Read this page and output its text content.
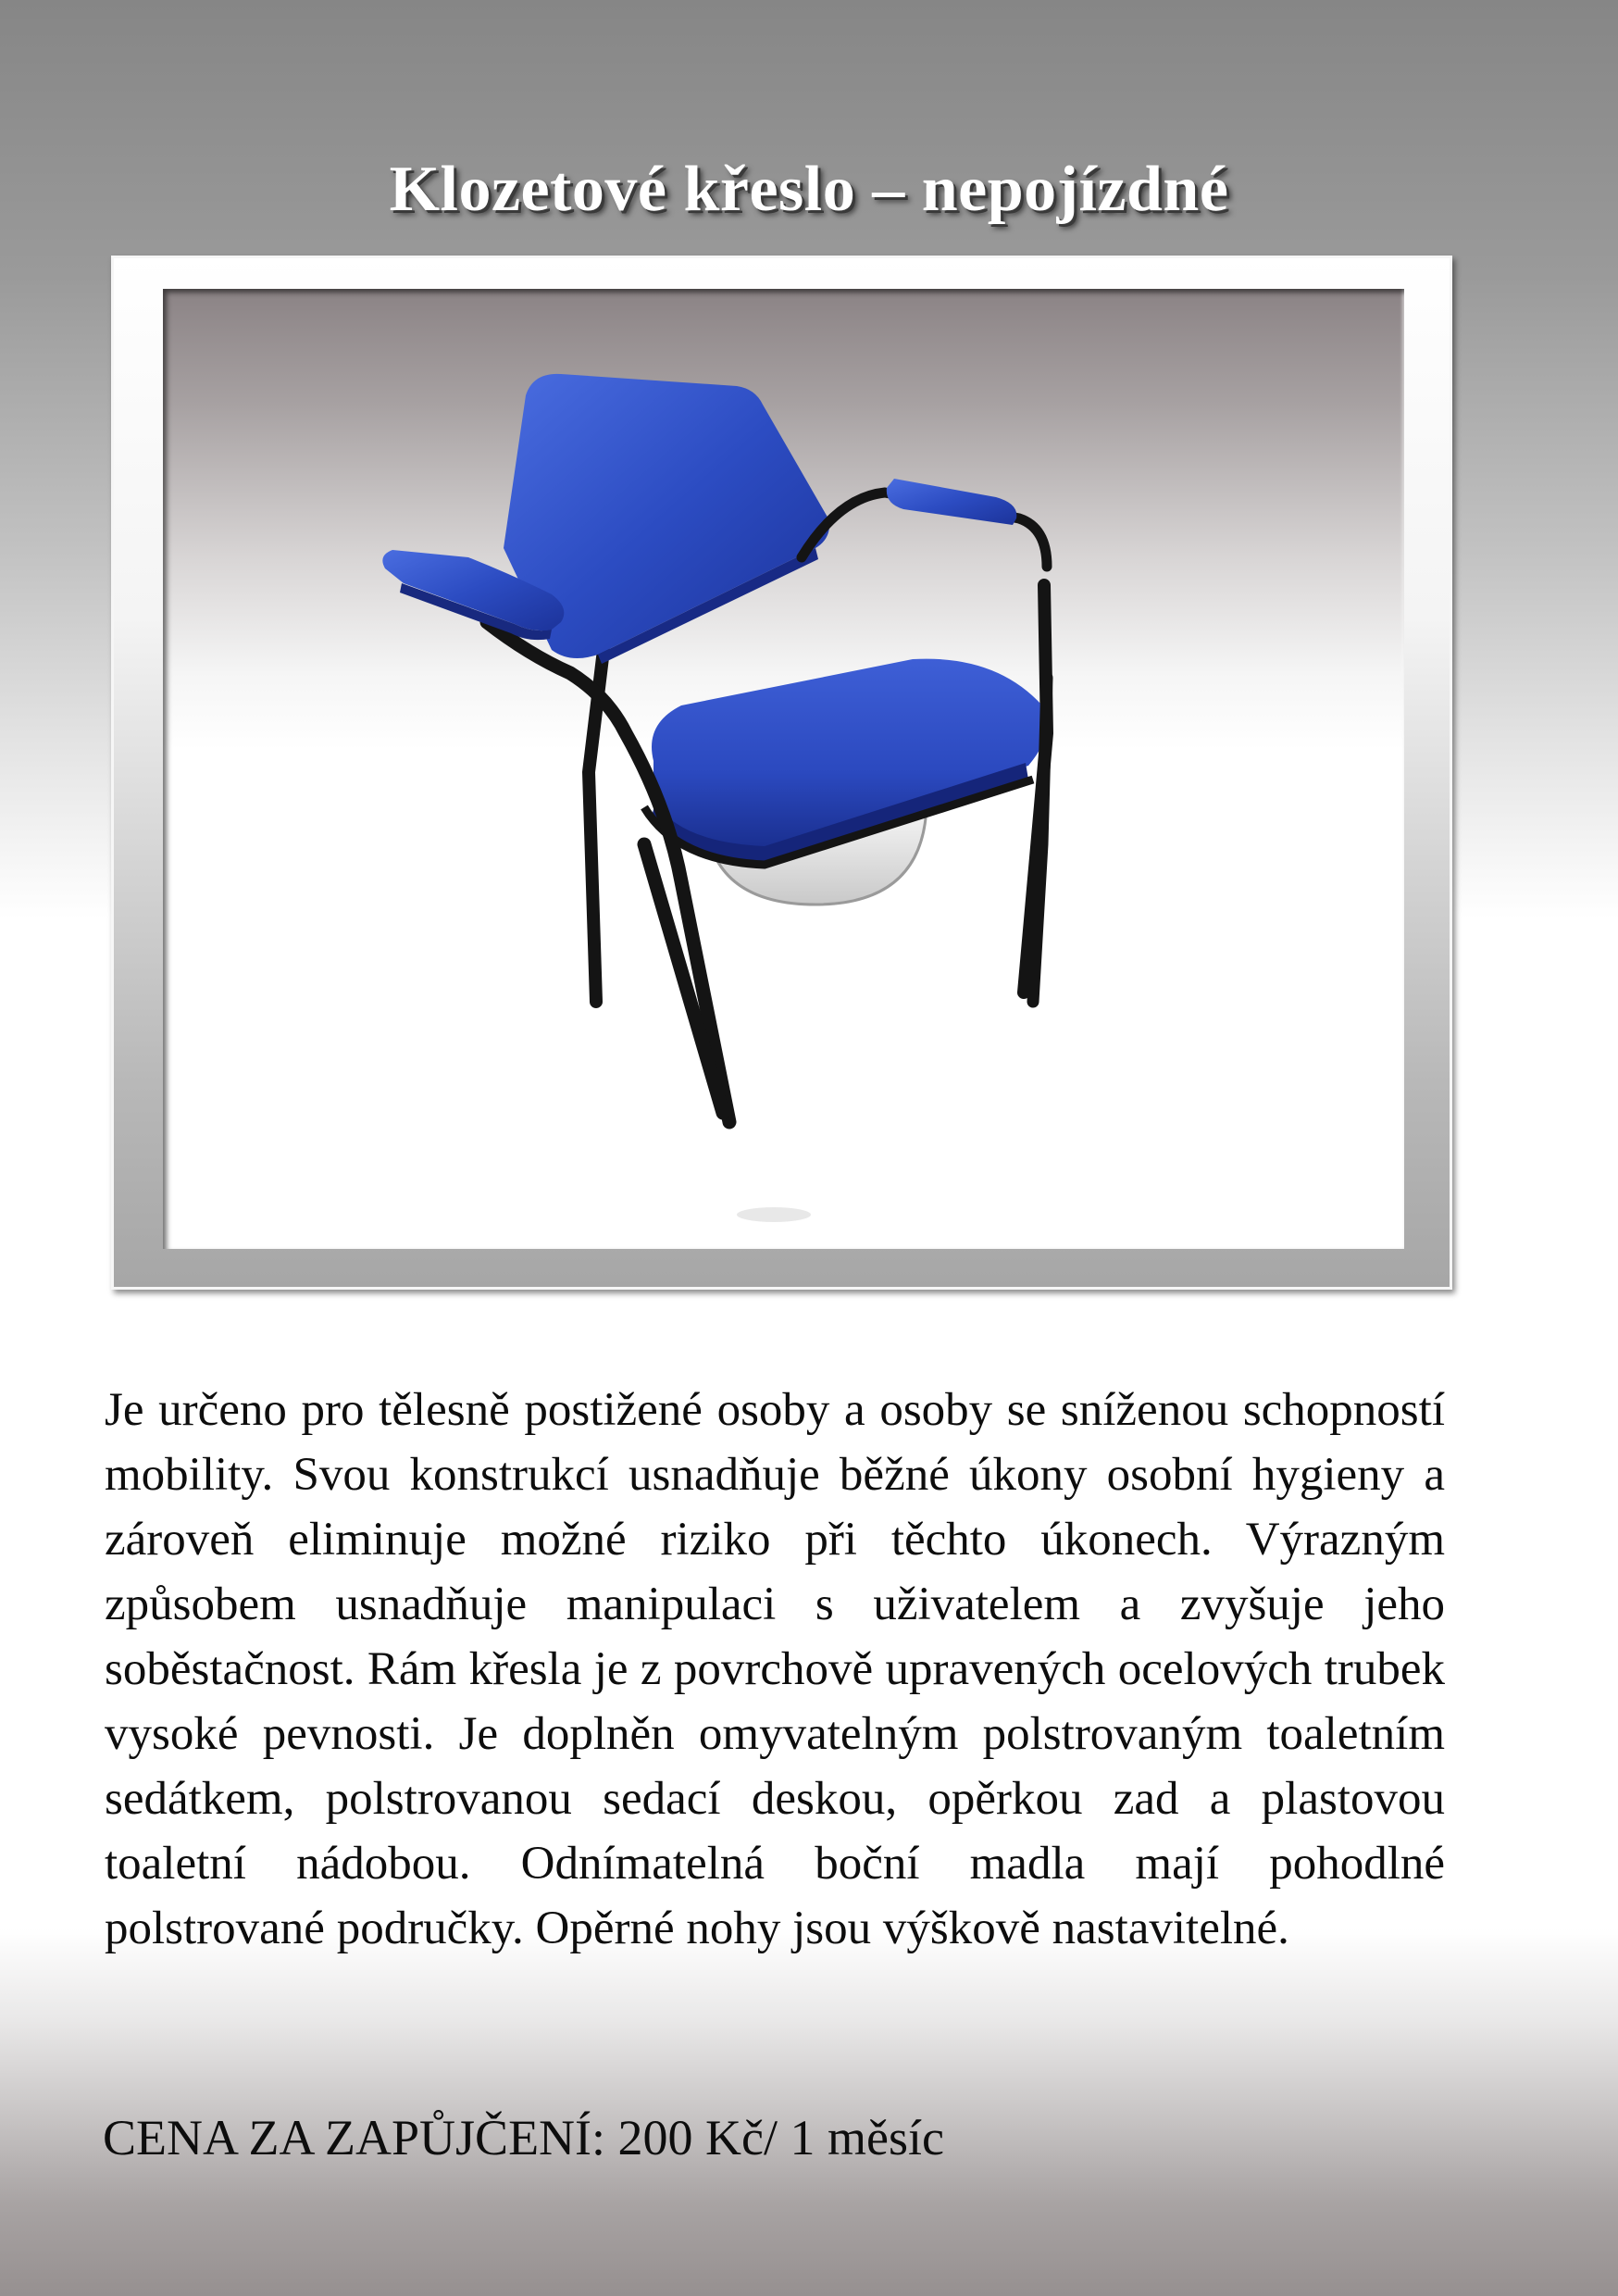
Klozetové křeslo – nepojízdné

Je určeno pro tělesně postižené osoby a osoby se sníženou schopností mobility. Svou konstrukcí usnadňuje běžné úkony osobní hygieny a zároveň eliminuje možné riziko při těchto úkonech. Výrazným způsobem usnadňuje manipulaci s uživatelem a zvyšuje jeho soběstačnost. Rám křesla je z povrchově upravených ocelových trubek vysoké pevnosti. Je doplněn omyvatelným polstrovaným toaletním sedátkem, polstrovanou sedací deskou, opěrkou zad a plastovou toaletní nádobou. Odnímatelná boční madla mají pohodlné polstrované područky. Opěrné nohy jsou výškově nastavitelné.

CENA ZA ZAPŮJČENÍ: 200 Kč/ 1 měsíc
